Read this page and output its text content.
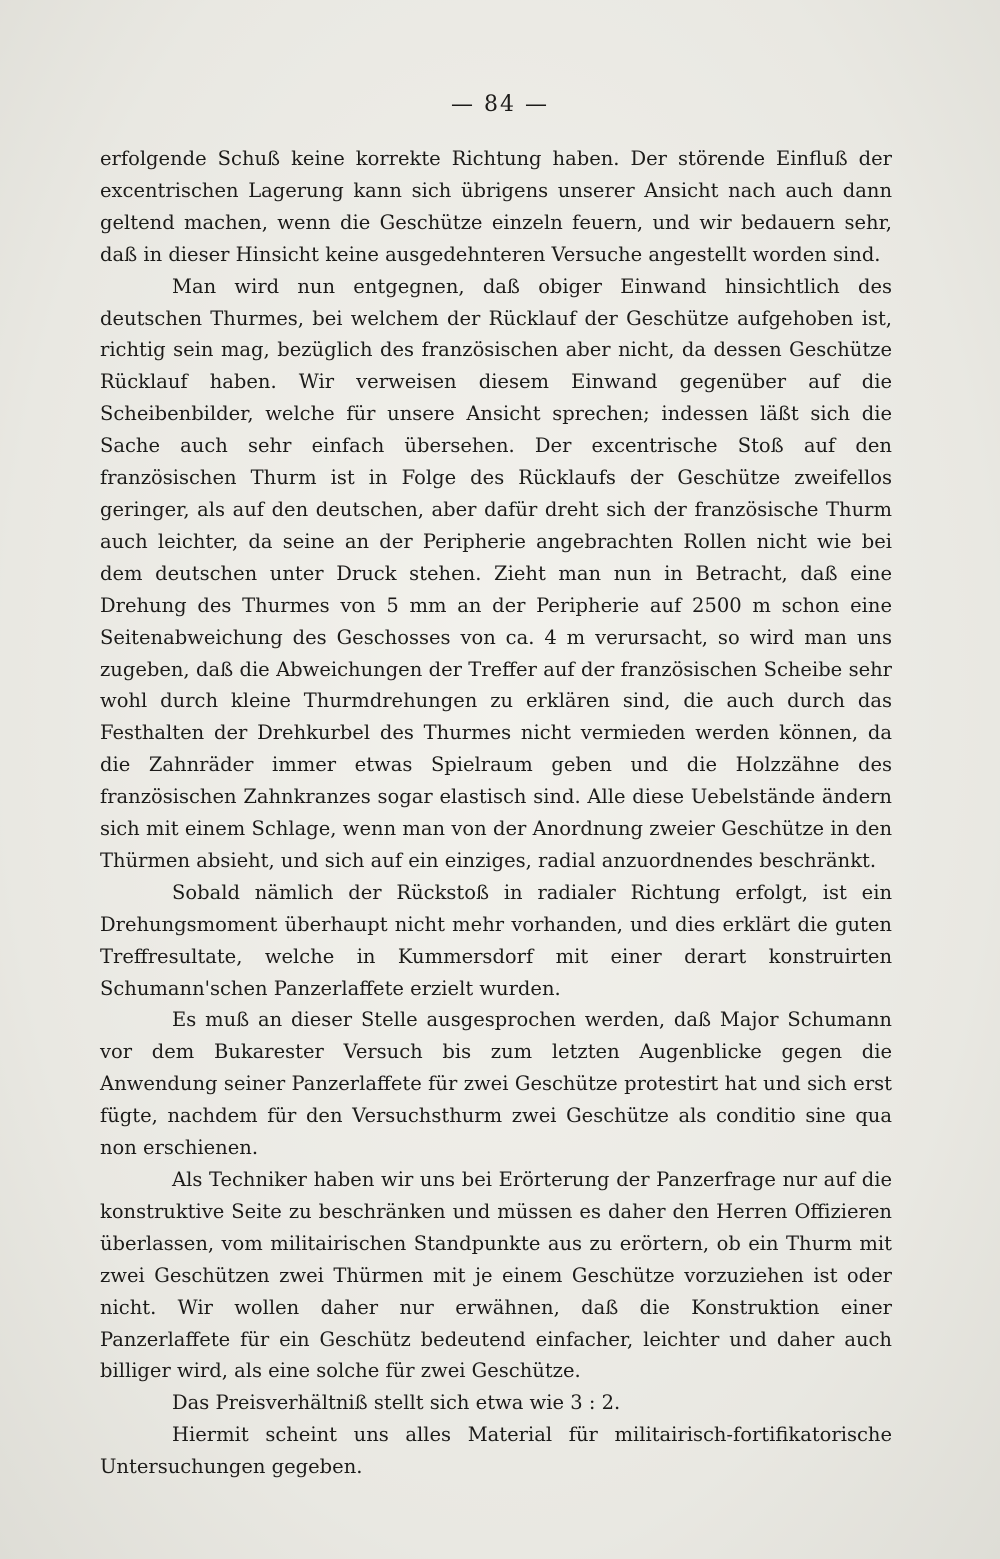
— 84 —

erfolgende Schuß keine korrekte Richtung haben. Der störende Einfluß der excentrischen Lagerung kann sich übrigens unserer Ansicht nach auch dann geltend machen, wenn die Geschütze einzeln feuern, und wir bedauern sehr, daß in dieser Hinsicht keine ausgedehnteren Versuche angestellt worden sind.

Man wird nun entgegnen, daß obiger Einwand hinsichtlich des deutschen Thurmes, bei welchem der Rücklauf der Geschütze aufgehoben ist, richtig sein mag, bezüglich des französischen aber nicht, da dessen Geschütze Rücklauf haben. Wir verweisen diesem Einwand gegenüber auf die Scheibenbilder, welche für unsere Ansicht sprechen; indessen läßt sich die Sache auch sehr einfach übersehen. Der excentrische Stoß auf den französischen Thurm ist in Folge des Rücklaufs der Geschütze zweifellos geringer, als auf den deutschen, aber dafür dreht sich der französische Thurm auch leichter, da seine an der Peripherie angebrachten Rollen nicht wie bei dem deutschen unter Druck stehen. Zieht man nun in Betracht, daß eine Drehung des Thurmes von 5 mm an der Peripherie auf 2500 m schon eine Seitenabweichung des Geschosses von ca. 4 m verursacht, so wird man uns zugeben, daß die Abweichungen der Treffer auf der französischen Scheibe sehr wohl durch kleine Thurmdrehungen zu erklären sind, die auch durch das Festhalten der Drehkurbel des Thurmes nicht vermieden werden können, da die Zahnräder immer etwas Spielraum geben und die Holzzähne des französischen Zahnkranzes sogar elastisch sind. Alle diese Uebelstände ändern sich mit einem Schlage, wenn man von der Anordnung zweier Geschütze in den Thürmen absieht, und sich auf ein einziges, radial anzuordnendes beschränkt.

Sobald nämlich der Rückstoß in radialer Richtung erfolgt, ist ein Drehungsmoment überhaupt nicht mehr vorhanden, und dies erklärt die guten Treffresultate, welche in Kummersdorf mit einer derart konstruirten Schumann'schen Panzerlaffete erzielt wurden.

Es muß an dieser Stelle ausgesprochen werden, daß Major Schumann vor dem Bukarester Versuch bis zum letzten Augenblicke gegen die Anwendung seiner Panzerlaffete für zwei Geschütze protestirt hat und sich erst fügte, nachdem für den Versuchsthurm zwei Geschütze als conditio sine qua non erschienen.

Als Techniker haben wir uns bei Erörterung der Panzerfrage nur auf die konstruktive Seite zu beschränken und müssen es daher den Herren Offizieren überlassen, vom militairischen Standpunkte aus zu erörtern, ob ein Thurm mit zwei Geschützen zwei Thürmen mit je einem Geschütze vorzuziehen ist oder nicht. Wir wollen daher nur erwähnen, daß die Konstruktion einer Panzerlaffete für ein Geschütz bedeutend einfacher, leichter und daher auch billiger wird, als eine solche für zwei Geschütze.

Das Preisverhältniß stellt sich etwa wie 3 : 2.

Hiermit scheint uns alles Material für militairisch-fortifikatorische Untersuchungen gegeben.
